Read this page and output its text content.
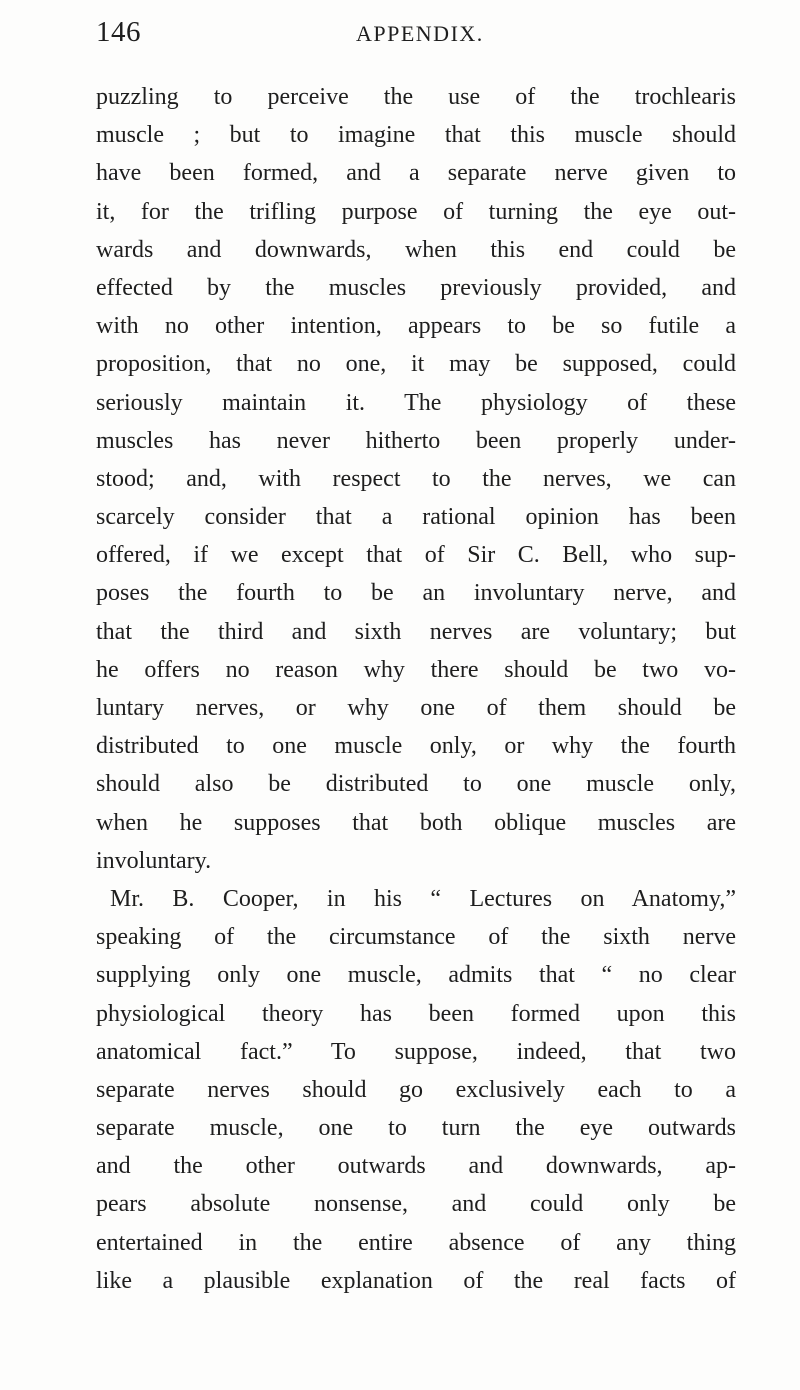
146	APPENDIX.
puzzling to perceive the use of the trochlearis
muscle ; but to imagine that this muscle should
have been formed, and a separate nerve given to
it, for the trifling purpose of turning the eye out-
wards and downwards, when this end could be
effected by the muscles previously provided, and
with no other intention, appears to be so futile a
proposition, that no one, it may be supposed, could
seriously maintain it. The physiology of these
muscles has never hitherto been properly under-
stood; and, with respect to the nerves, we can
scarcely consider that a rational opinion has been
offered, if we except that of Sir C. Bell, who sup-
poses the fourth to be an involuntary nerve, and
that the third and sixth nerves are voluntary; but
he offers no reason why there should be two vo-
luntary nerves, or why one of them should be
distributed to one muscle only, or why the fourth
should also be distributed to one muscle only,
when he supposes that both oblique muscles are
involuntary.
Mr. B. Cooper, in his “ Lectures on Anatomy,”
speaking of the circumstance of the sixth nerve
supplying only one muscle, admits that “ no clear
physiological theory has been formed upon this
anatomical fact.” To suppose, indeed, that two
separate nerves should go exclusively each to a
separate muscle, one to turn the eye outwards
and the other outwards and downwards, ap-
pears absolute nonsense, and could only be
entertained in the entire absence of any thing
like a plausible explanation of the real facts of
